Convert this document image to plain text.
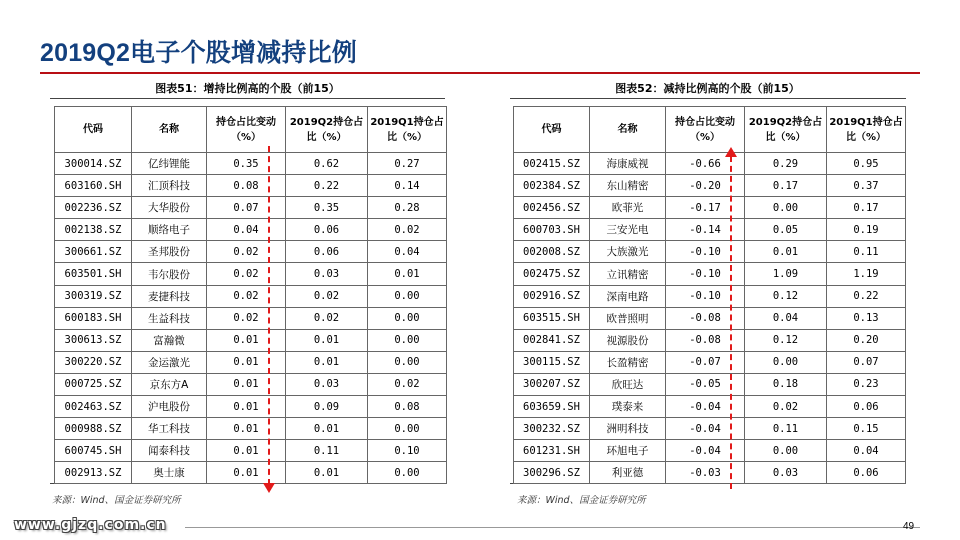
2019Q2电子个股增减持比例
图表51：增持比例高的个股（前15）	图表52：减持比例高的个股（前15）
代码	名称	持仓占比变动（%）	2019Q2持仓占比（%）	2019Q1持仓占比（%）
300014.SZ	亿纬锂能	0.35	0.62	0.27
603160.SH	汇顶科技	0.08	0.22	0.14
002236.SZ	大华股份	0.07	0.35	0.28
002138.SZ	顺络电子	0.04	0.06	0.02
300661.SZ	圣邦股份	0.02	0.06	0.04
603501.SH	韦尔股份	0.02	0.03	0.01
300319.SZ	麦捷科技	0.02	0.02	0.00
600183.SH	生益科技	0.02	0.02	0.00
300613.SZ	富瀚微	0.01	0.01	0.00
300220.SZ	金运激光	0.01	0.01	0.00
000725.SZ	京东方A	0.01	0.03	0.02
002463.SZ	沪电股份	0.01	0.09	0.08
000988.SZ	华工科技	0.01	0.01	0.00
600745.SH	闻泰科技	0.01	0.11	0.10
002913.SZ	奥士康	0.01	0.01	0.00
代码	名称	持仓占比变动（%）	2019Q2持仓占比（%）	2019Q1持仓占比（%）
002415.SZ	海康威视	-0.66	0.29	0.95
002384.SZ	东山精密	-0.20	0.17	0.37
002456.SZ	欧菲光	-0.17	0.00	0.17
600703.SH	三安光电	-0.14	0.05	0.19
002008.SZ	大族激光	-0.10	0.01	0.11
002475.SZ	立讯精密	-0.10	1.09	1.19
002916.SZ	深南电路	-0.10	0.12	0.22
603515.SH	欧普照明	-0.08	0.04	0.13
002841.SZ	视源股份	-0.08	0.12	0.20
300115.SZ	长盈精密	-0.07	0.00	0.07
300207.SZ	欣旺达	-0.05	0.18	0.23
603659.SH	璞泰来	-0.04	0.02	0.06
300232.SZ	洲明科技	-0.04	0.11	0.15
601231.SH	环旭电子	-0.04	0.00	0.04
300296.SZ	利亚德	-0.03	0.03	0.06
来源：Wind、国金证券研究所	来源：Wind、国金证券研究所
www.gjzq.com.cn	49
